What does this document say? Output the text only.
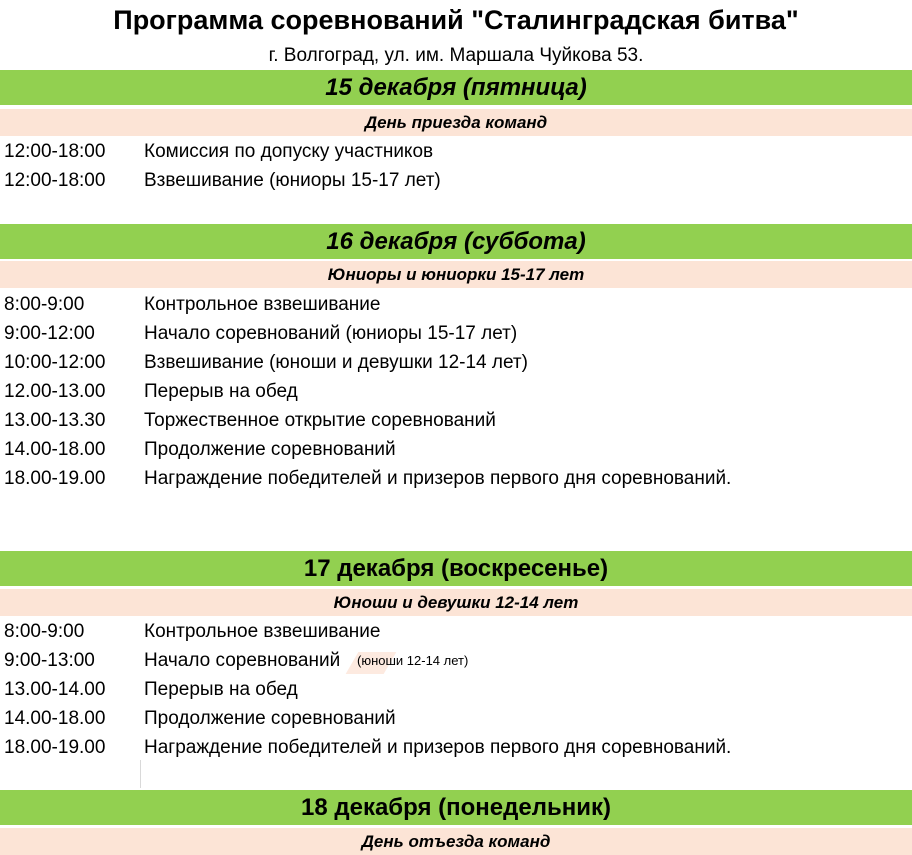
Программа соревнований "Сталинградская битва"
г. Волгоград, ул. им. Маршала Чуйкова 53.
15 декабря (пятница)
День приезда команд
12:00-18:00 Комиссия по допуску участников
12:00-18:00 Взвешивание (юниоры 15-17 лет)
16 декабря (суббота)
Юниоры и юниорки 15-17 лет
8:00-9:00	Контрольное взвешивание
9:00-12:00	Начало соревнований (юниоры 15-17 лет)
10:00-12:00 Взвешивание (юноши и девушки 12-14 лет)
12.00-13.00 Перерыв на обед
13.00-13.30 Торжественное открытие соревнований
14.00-18.00 Продолжение соревнований
18.00-19.00 Награждение победителей и призеров первого дня соревнований.
17 декабря (воскресенье)
Юноши и девушки 12-14 лет
8:00-9:00	Контрольное взвешивание
9:00-13:00	Начало соревнований (юноши 12-14 лет)
13.00-14.00 Перерыв на обед
14.00-18.00 Продолжение соревнований
18.00-19.00 Награждение победителей и призеров первого дня соревнований.
18 декабря (понедельник)
День отъезда команд
